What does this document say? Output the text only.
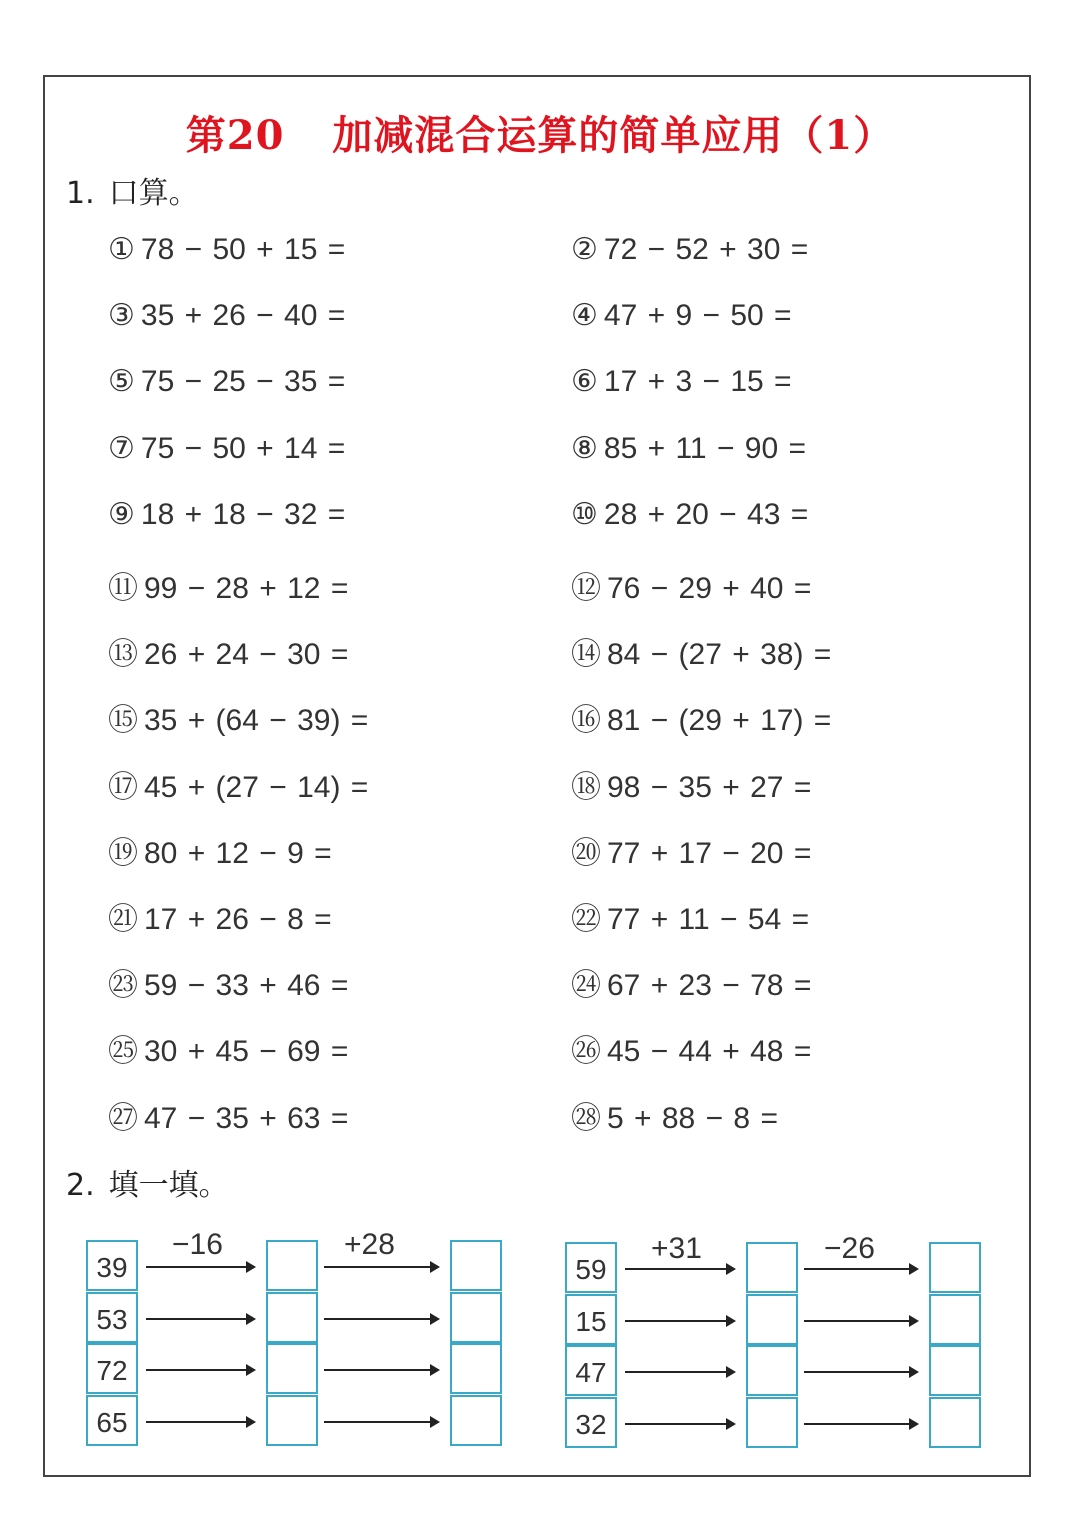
第20 加减混合运算的简单应用（1）
1. 口算。
① 78 − 50 + 15 =	② 72 − 52 + 30 =
③ 35 + 26 − 40 =	④ 47 + 9 − 50 =
⑤ 75 − 25 − 35 =	⑥ 17 + 3 − 15 =
⑦ 75 − 50 + 14 =	⑧ 85 + 11 − 90 =
⑨ 18 + 18 − 32 =	⑩ 28 + 20 − 43 =
⑪ 99 − 28 + 12 =	⑫ 76 − 29 + 40 =
⑬ 26 + 24 − 30 =	⑭ 84 − (27 + 38) =
⑮ 35 + (64 − 39) =	⑯ 81 − (29 + 17) =
⑰ 45 + (27 − 14) =	⑱ 98 − 35 + 27 =
⑲ 80 + 12 − 9 =	⑳ 77 + 17 − 20 =
㉑ 17 + 26 − 8 =	㉒ 77 + 11 − 54 =
㉓ 59 − 33 + 46 =	㉔ 67 + 23 − 78 =
㉕ 30 + 45 − 69 =	㉖ 45 − 44 + 48 =
㉗ 47 − 35 + 63 =	㉘ 5 + 88 − 8 =
2. 填一填。
−16	+28
39
53
72
65
+31	−26
59
15
47
32
